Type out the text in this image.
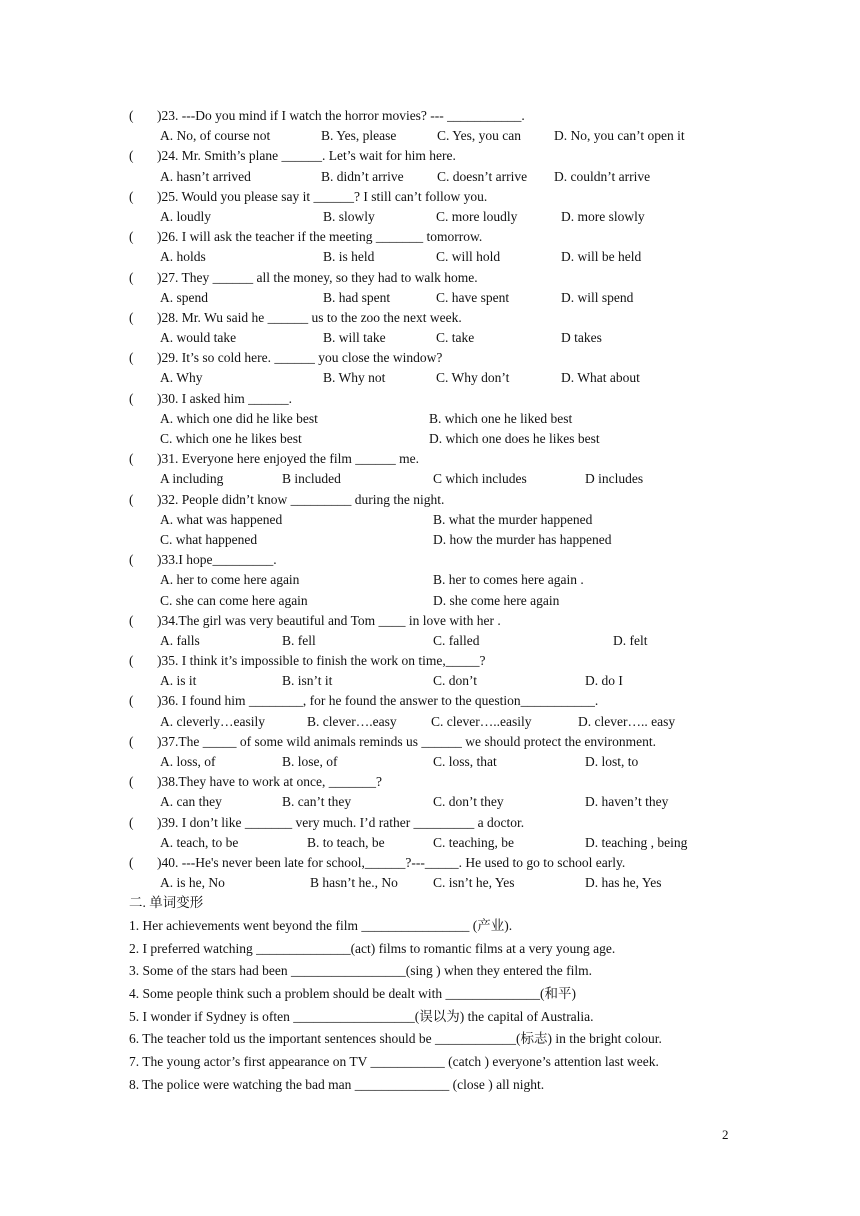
( )23. ---Do you mind if I watch the horror movies? --- ___________.
A. No, of course not	B. Yes, please	C. Yes, you can D. No, you can’t open it
( )24. Mr. Smith’s plane ______. Let’s wait for him here.
A. hasn’t arrived	B. didn’t arrive C. doesn’t arrive D. couldn’t arrive
( )25. Would you please say it ______? I still can’t follow you.
A. loudly	B. slowly	C. more loudly	D. more slowly
( )26. I will ask the teacher if the meeting _______ tomorrow.
A. holds	B. is held	C. will hold	D. will be held
( )27. They ______ all the money, so they had to walk home.
A. spend	B. had spent	C. have spent	D. will spend
( )28. Mr. Wu said he ______ us to the zoo the next week.
A. would take	B. will take	C. take	D takes
( )29. It’s so cold here. ______ you close the window?
A. Why	B. Why not	C. Why don’t	D. What about
( )30. I asked him ______.
A. which one did he like best	B. which one he liked best
C. which one he likes best	D. which one does he likes best
( )31. Everyone here enjoyed the film ______ me.
A including	B included	C which includes	D includes
( )32. People didn’t know _________ during the night.
A. what was happened	B. what the murder happened
C. what happened	D. how the murder has happened
( )33.I hope_________.
A. her to come here again	B. her to comes here again .
C. she can come here again	D. she come here again
( )34.The girl was very beautiful and Tom ____ in love with her .
A. falls	B. fell	C. falled	D. felt
( )35. I think it’s impossible to finish the work on time,_____?
A. is it	B. isn’t it	C. don’t	D. do I
( )36. I found him ________, for he found the answer to the question___________.
A. cleverly…easily	B. clever….easy	C. clever…..easily	D. clever….. easy
( )37.The _____ of some wild animals reminds us ______ we should protect the environment.
A. loss, of	B. lose, of	C. loss, that	D. lost, to
( )38.They have to work at once, _______?
A. can they	B. can’t they	C. don’t they	D. haven’t they
( )39. I don’t like _______ very much. I’d rather _________ a doctor.
A. teach, to be	B. to teach, be	C. teaching, be	D. teaching , being
( )40. ---He's never been late for school,______?---_____. He used to go to school early.
A. is he, No	B hasn’t he., No	C. isn’t he, Yes	D. has he, Yes
二. 单词变形
1. Her achievements went beyond the film ________________ (产业).
2. I preferred watching ______________(act) films to romantic films at a very young age.
3. Some of the stars had been _________________(sing ) when they entered the film.
4. Some people think such a problem should be dealt with ______________(和平)
5. I wonder if Sydney is often __________________(误以为) the capital of Australia.
6. The teacher told us the important sentences should be ____________(标志) in the bright colour.
7. The young actor’s first appearance on TV ___________ (catch ) everyone’s attention last week.
8. The police were watching the bad man ______________ (close ) all night.
2
